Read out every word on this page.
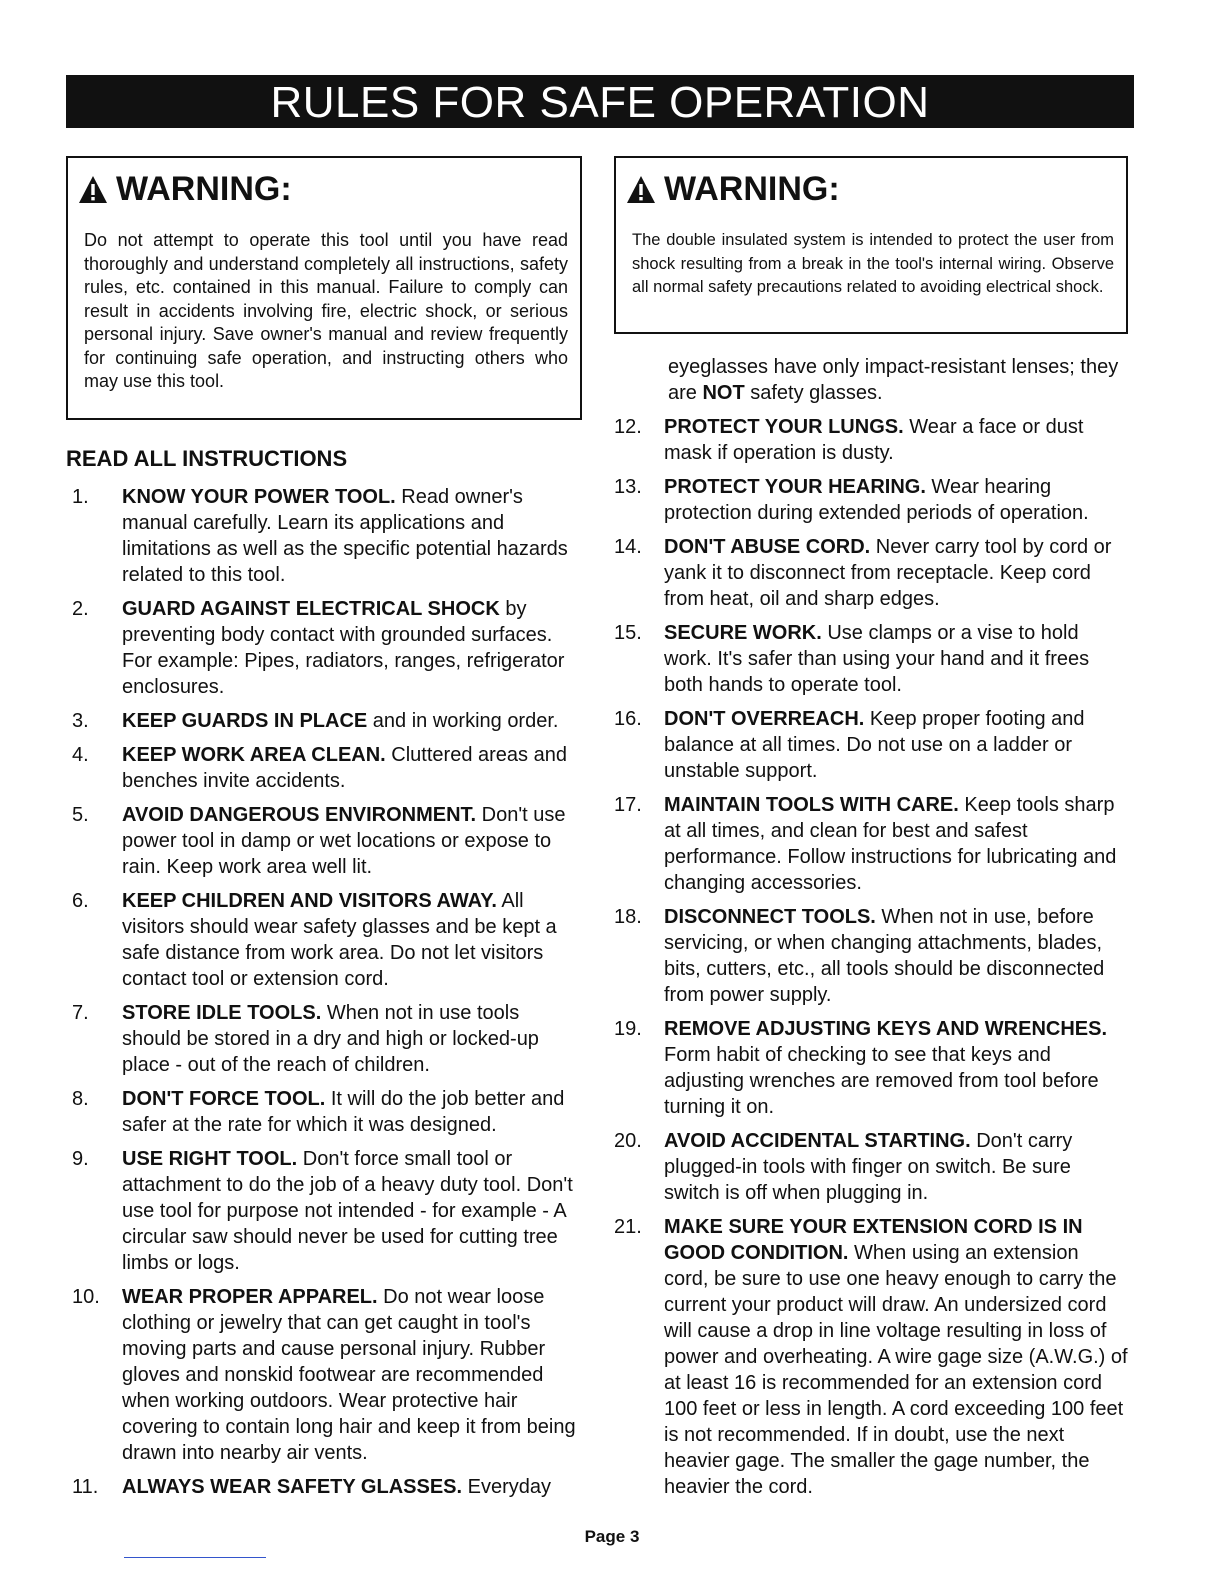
RULES FOR SAFE OPERATION
WARNING:
Do not attempt to operate this tool until you have read thoroughly and understand completely all instructions, safety rules, etc. contained in this manual. Failure to comply can result in accidents involving fire, electric shock, or serious personal injury. Save owner's manual and review frequently for continuing safe operation, and instructing others who may use this tool.
WARNING:
The double insulated system is intended to protect the user from shock resulting from a break in the tool's internal wiring. Observe all normal safety precautions related to avoiding electrical shock.
READ ALL INSTRUCTIONS
1.	KNOW YOUR POWER TOOL. Read owner's manual carefully. Learn its applications and limitations as well as the specific potential hazards related to this tool.
2.	GUARD AGAINST ELECTRICAL SHOCK by preventing body contact with grounded surfaces. For example: Pipes, radiators, ranges, refrigerator enclosures.
3.	KEEP GUARDS IN PLACE and in working order.
4.	KEEP WORK AREA CLEAN. Cluttered areas and benches invite accidents.
5.	AVOID DANGEROUS ENVIRONMENT. Don't use power tool in damp or wet locations or expose to rain. Keep work area well lit.
6.	KEEP CHILDREN AND VISITORS AWAY. All visitors should wear safety glasses and be kept a safe distance from work area. Do not let visitors contact tool or extension cord.
7.	STORE IDLE TOOLS. When not in use tools should be stored in a dry and high or locked-up place - out of the reach of children.
8.	DON'T FORCE TOOL. It will do the job better and safer at the rate for which it was designed.
9.	USE RIGHT TOOL. Don't force small tool or attachment to do the job of a heavy duty tool. Don't use tool for purpose not intended - for example - A circular saw should never be used for cutting tree limbs or logs.
10.	WEAR PROPER APPAREL. Do not wear loose clothing or jewelry that can get caught in tool's moving parts and cause personal injury. Rubber gloves and nonskid footwear are recommended when working outdoors. Wear protective hair covering to contain long hair and keep it from being drawn into nearby air vents.
11.	ALWAYS WEAR SAFETY GLASSES. Everyday
eyeglasses have only impact-resistant lenses; they are NOT safety glasses.
12.	PROTECT YOUR LUNGS. Wear a face or dust mask if operation is dusty.
13.	PROTECT YOUR HEARING. Wear hearing protection during extended periods of operation.
14.	DON'T ABUSE CORD. Never carry tool by cord or yank it to disconnect from receptacle. Keep cord from heat, oil and sharp edges.
15.	SECURE WORK. Use clamps or a vise to hold work. It's safer than using your hand and it frees both hands to operate tool.
16.	DON'T OVERREACH. Keep proper footing and balance at all times. Do not use on a ladder or unstable support.
17.	MAINTAIN TOOLS WITH CARE. Keep tools sharp at all times, and clean for best and safest performance. Follow instructions for lubricating and changing accessories.
18.	DISCONNECT TOOLS. When not in use, before servicing, or when changing attachments, blades, bits, cutters, etc., all tools should be disconnected from power supply.
19.	REMOVE ADJUSTING KEYS AND WRENCHES. Form habit of checking to see that keys and adjusting wrenches are removed from tool before turning it on.
20.	AVOID ACCIDENTAL STARTING. Don't carry plugged-in tools with finger on switch. Be sure switch is off when plugging in.
21.	MAKE SURE YOUR EXTENSION CORD IS IN GOOD CONDITION. When using an extension cord, be sure to use one heavy enough to carry the current your product will draw. An undersized cord will cause a drop in line voltage resulting in loss of power and overheating. A wire gage size (A.W.G.) of at least 16 is recommended for an extension cord 100 feet or less in length. A cord exceeding 100 feet is not recommended. If in doubt, use the next heavier gage. The smaller the gage number, the heavier the cord.
Page 3
